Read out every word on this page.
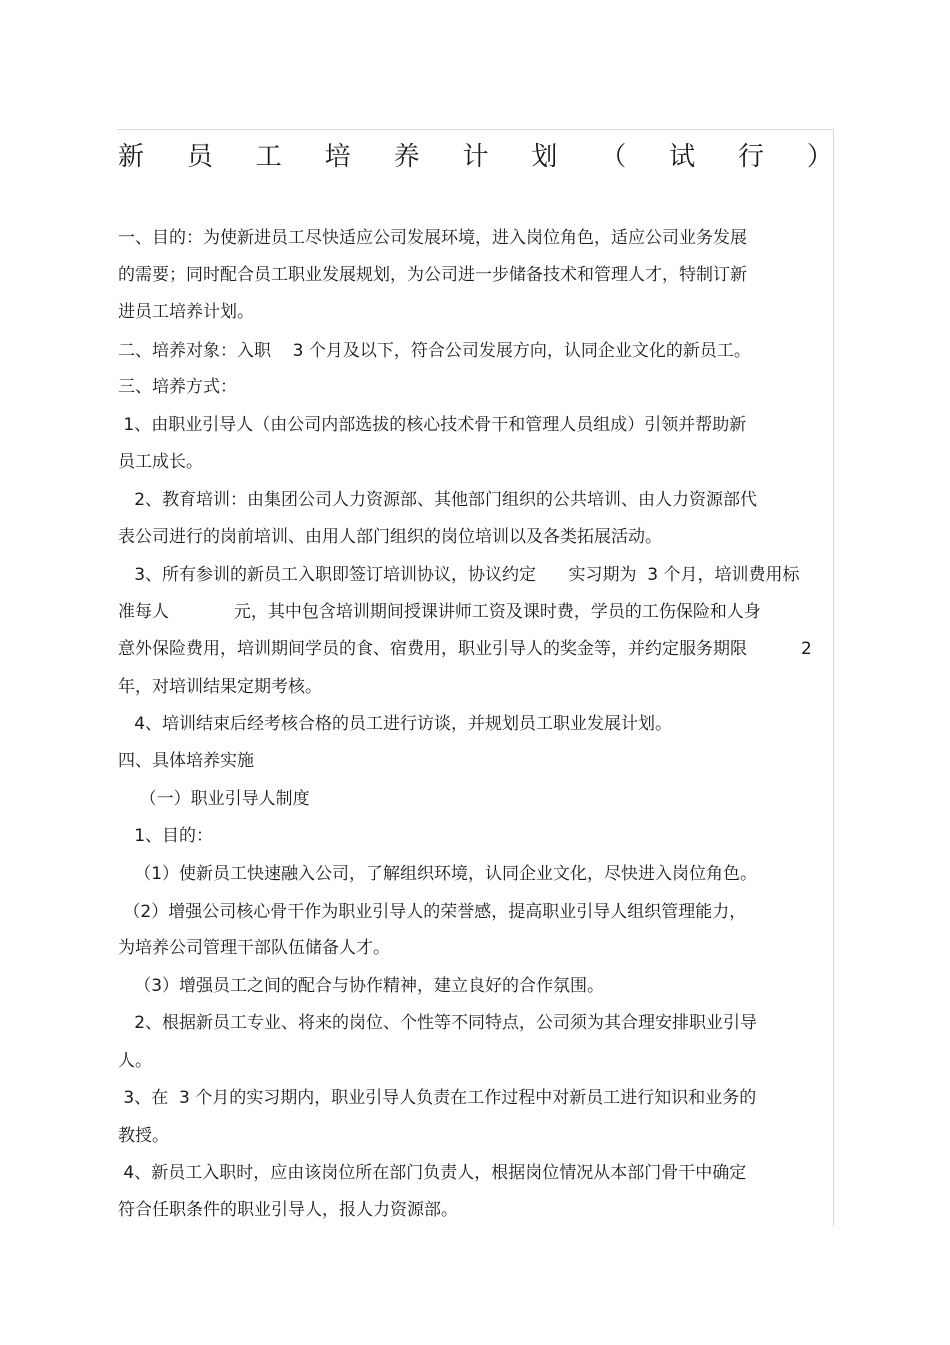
新 员 工 培 养 计 划 （ 试 行 ）
一、目的：为使新进员工尽快适应公司发展环境，进入岗位角色，适应公司业务发展
的需要；同时配合员工职业发展规划，为公司进一步储备技术和管理人才，特制订新
进员工培养计划。
二、培养对象：入职    3 个月及以下，符合公司发展方向，认同企业文化的新员工。
三、培养方式：
1、由职业引导人（由公司内部选拔的核心技术骨干和管理人员组成）引领并帮助新
员工成长。
2、教育培训：由集团公司人力资源部、其他部门组织的公共培训、由人力资源部代
表公司进行的岗前培训、由用人部门组织的岗位培训以及各类拓展活动。
3、所有参训的新员工入职即签订培训协议，协议约定      实习期为  3 个月，培训费用标
准每人            元，其中包含培训期间授课讲师工资及课时费，学员的工伤保险和人身
意外保险费用，培训期间学员的食、宿费用，职业引导人的奖金等，并约定服务期限          2
年，对培训结果定期考核。
4、培训结束后经考核合格的员工进行访谈，并规划员工职业发展计划。
四、具体培养实施
（一）职业引导人制度
1、目的：
（1）使新员工快速融入公司，了解组织环境，认同企业文化，尽快进入岗位角色。
（2）增强公司核心骨干作为职业引导人的荣誉感，提高职业引导人组织管理能力，
为培养公司管理干部队伍储备人才。
（3）增强员工之间的配合与协作精神，建立良好的合作氛围。
2、根据新员工专业、将来的岗位、个性等不同特点，公司须为其合理安排职业引导
人。
3、在  3 个月的实习期内，职业引导人负责在工作过程中对新员工进行知识和业务的
教授。
4、新员工入职时，应由该岗位所在部门负责人，根据岗位情况从本部门骨干中确定
符合任职条件的职业引导人，报人力资源部。
